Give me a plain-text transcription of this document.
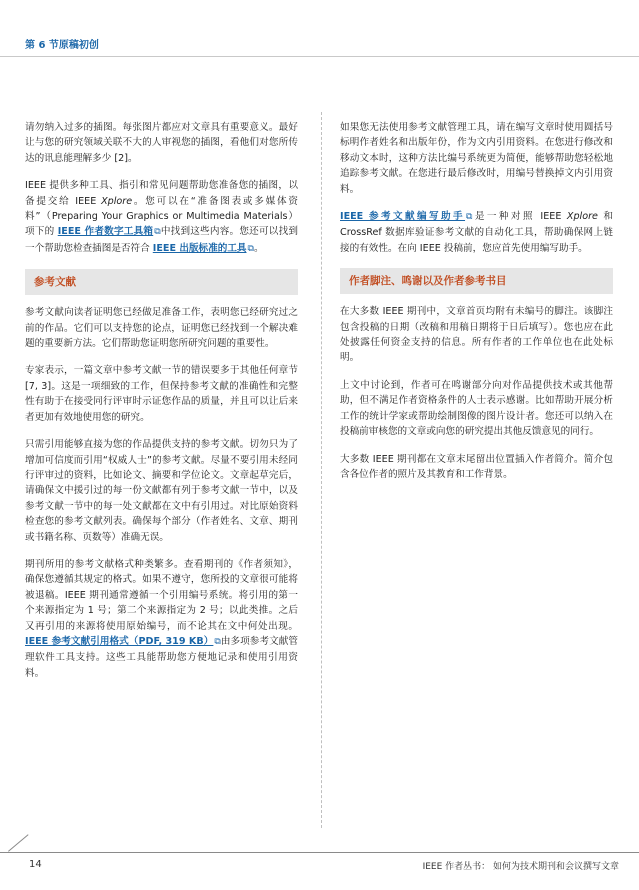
第 6 节原稿初创

请勿纳入过多的插图。每张图片都应对文章具有重要意义。最好让与您的研究领域关联不大的人审视您的插图，看他们对您所传达的讯息能理解多少 [2]。

IEEE 提供多种工具、指引和常见问题帮助您准备您的插图，以备提交给 IEEE Xplore。您可以在“准备图表或多媒体资料”（Preparing Your Graphics or Multimedia Materials）项下的 IEEE 作者数字工具箱⧉中找到这些内容。您还可以找到一个帮助您检查插图是否符合 IEEE 出版标准的工具⧉。

参考文献

参考文献向读者证明您已经做足准备工作，表明您已经研究过之前的作品。它们可以支持您的论点，证明您已经找到一个解决难题的重要新方法。它们帮助您证明您所研究问题的重要性。

专家表示，一篇文章中参考文献一节的错误要多于其他任何章节 [7, 3]。这是一项细致的工作，但保持参考文献的准确性和完整性有助于在接受同行评审时示证您作品的质量，并且可以让后来者更加有效地使用您的研究。

只需引用能够直接为您的作品提供支持的参考文献。切勿只为了增加可信度而引用“权威人士”的参考文献。尽量不要引用未经同行评审过的资料，比如论文、摘要和学位论文。文章起草完后，请确保文中援引过的每一份文献都有列于参考文献一节中，以及参考文献一节中的每一处文献都在文中有引用过。对比原始资料检查您的参考文献列表。确保每个部分（作者姓名、文章、期刊或书籍名称、页数等）准确无误。

期刊所用的参考文献格式种类繁多。查看期刊的《作者须知》，确保您遵循其规定的格式。如果不遵守，您所投的文章很可能将被退稿。IEEE 期刊通常遵循一个引用编号系统。将引用的第一个来源指定为 1 号；第二个来源指定为 2 号；以此类推。之后又再引用的来源将使用原始编号，而不论其在文中何处出现。IEEE 参考文献引用格式（PDF, 319 KB）⧉由多项参考文献管理软件工具支持。这些工具能帮助您方便地记录和使用引用资料。

如果您无法使用参考文献管理工具，请在编写文章时使用圆括号标明作者姓名和出版年份，作为文内引用资料。在您进行修改和移动文本时，这种方法比编号系统更为简便，能够帮助您轻松地追踪参考文献。在您进行最后修改时，用编号替换掉文内引用资料。

IEEE 参考文献编写助手⧉是一种对照 IEEE Xplore 和 CrossRef 数据库验证参考文献的自动化工具，帮助确保网上链接的有效性。在向 IEEE 投稿前，您应首先使用编写助手。

作者脚注、鸣谢以及作者参考书目

在大多数 IEEE 期刊中，文章首页均附有未编号的脚注。该脚注包含投稿的日期（改稿和用稿日期将于日后填写）。您也应在此处披露任何资金支持的信息。所有作者的工作单位也在此处标明。

上文中讨论到，作者可在鸣谢部分向对作品提供技术或其他帮助，但不满足作者资格条件的人士表示感谢。比如帮助开展分析工作的统计学家或帮助绘制图像的图片设计者。您还可以纳入在投稿前审核您的文章或向您的研究提出其他反馈意见的同行。

大多数 IEEE 期刊都在文章末尾留出位置插入作者简介。简介包含各位作者的照片及其教育和工作背景。

14	IEEE 作者丛书： 如何为技术期刊和会议撰写文章
